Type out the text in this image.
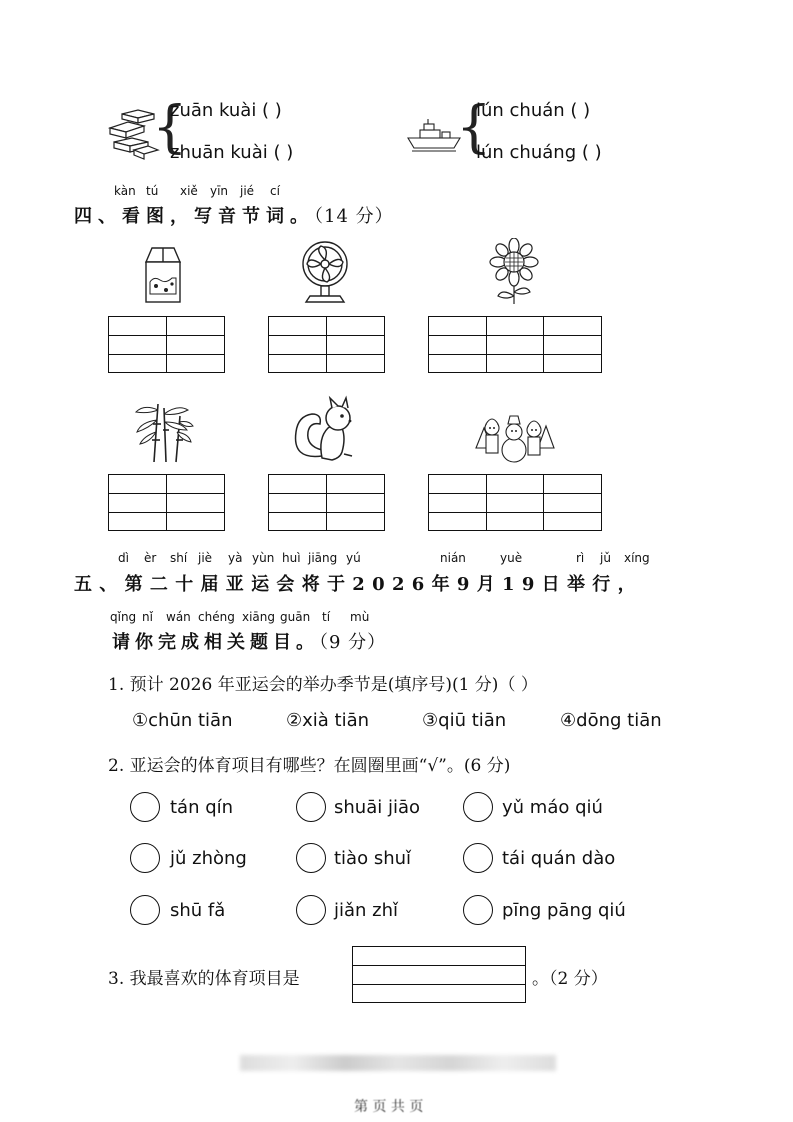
{
zuān kuài ( )
zhuān kuài ( )	{
lún chuán ( )
lún chuáng ( )
kàn tú xiě yīn jié cí
四、看图，写音节词。（14 分）
dì èr shí jiè yà yùn huì jiāng yú	nián	yuè	rì jǔ xíng
五、第二十届亚运会将于2026年9月19日举行，
qǐng nǐ wán chéng xiāng guān tí mù
请你完成相关题目。（9 分）
1. 预计 2026 年亚运会的举办季节是(填序号)(1 分)（ ）
①chūn tiān	②xià tiān	③qiū tiān	④dōng tiān
2. 亚运会的体育项目有哪些？在圆圈里画“√”。(6 分)
tán qín	shuāi jiāo	yǔ máo qiú
jǔ zhòng	tiào shuǐ	tái quán dào
shū fǎ	jiǎn zhǐ	pīng pāng qiú
3. 我最喜欢的体育项目是	。（2 分）
第 页 共 页
